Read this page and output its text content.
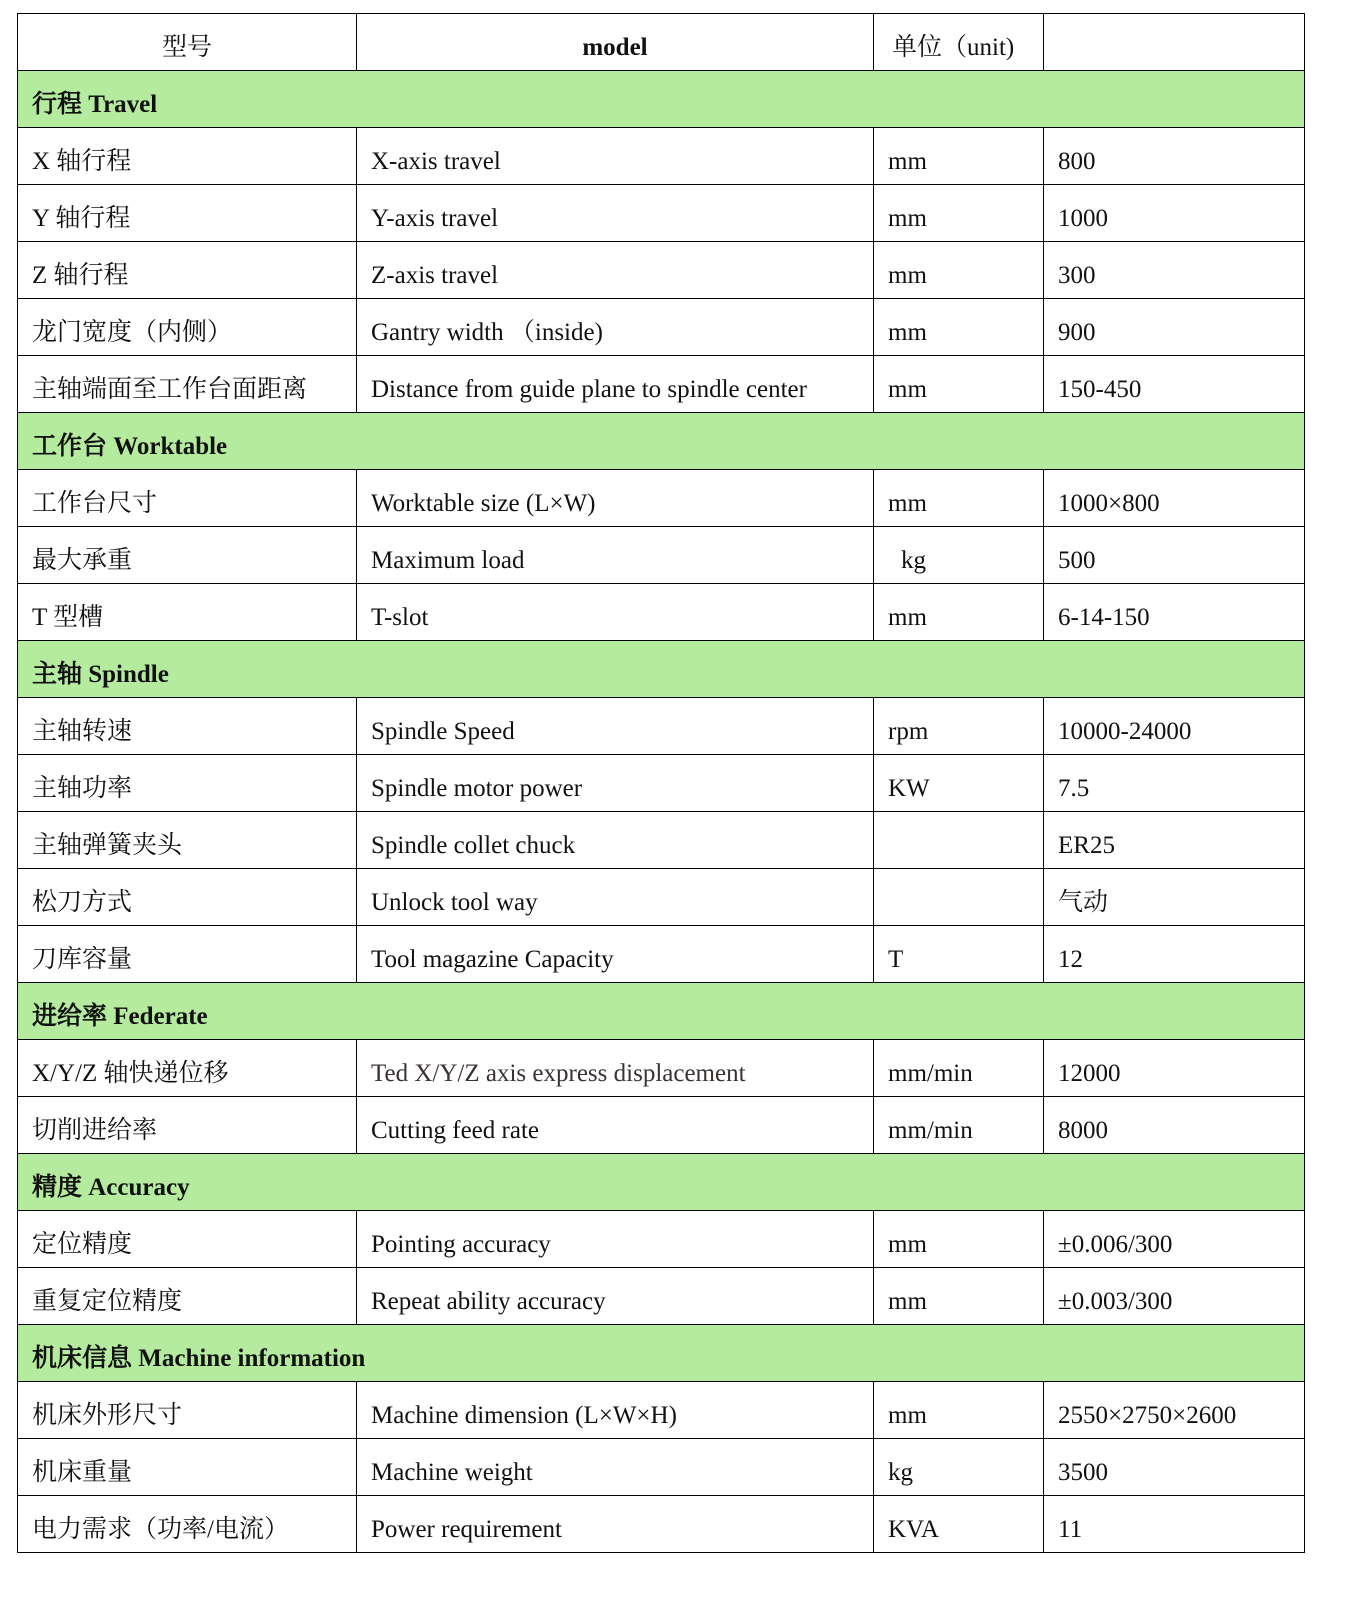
型号	model	单位（unit)	
行程 Travel			
X 轴行程	X-axis travel	mm	800
Y 轴行程	Y-axis travel	mm	1000
Z 轴行程	Z-axis travel	mm	300
龙门宽度（内侧）	Gantry width （inside)	mm	900
主轴端面至工作台面距离	Distance from guide plane to spindle center	mm	150-450
工作台 Worktable			
工作台尺寸	Worktable size (L×W)	mm	1000×800
最大承重	Maximum load	kg	500
T 型槽	T-slot	mm	6-14-150
主轴 Spindle			
主轴转速	Spindle Speed	rpm	10000-24000
主轴功率	Spindle motor power	KW	7.5
主轴弹簧夹头	Spindle collet chuck		ER25
松刀方式	Unlock tool way		气动
刀库容量	Tool magazine Capacity	T	12
进给率 Federate			
X/Y/Z 轴快递位移	Ted X/Y/Z axis express displacement	mm/min	12000
切削进给率	Cutting feed rate	mm/min	8000
精度 Accuracy			
定位精度	Pointing accuracy	mm	±0.006/300
重复定位精度	Repeat ability accuracy	mm	±0.003/300
机床信息 Machine information			
机床外形尺寸	Machine dimension (L×W×H)	mm	2550×2750×2600
机床重量	Machine weight	kg	3500
电力需求（功率/电流）	Power requirement	KVA	11
